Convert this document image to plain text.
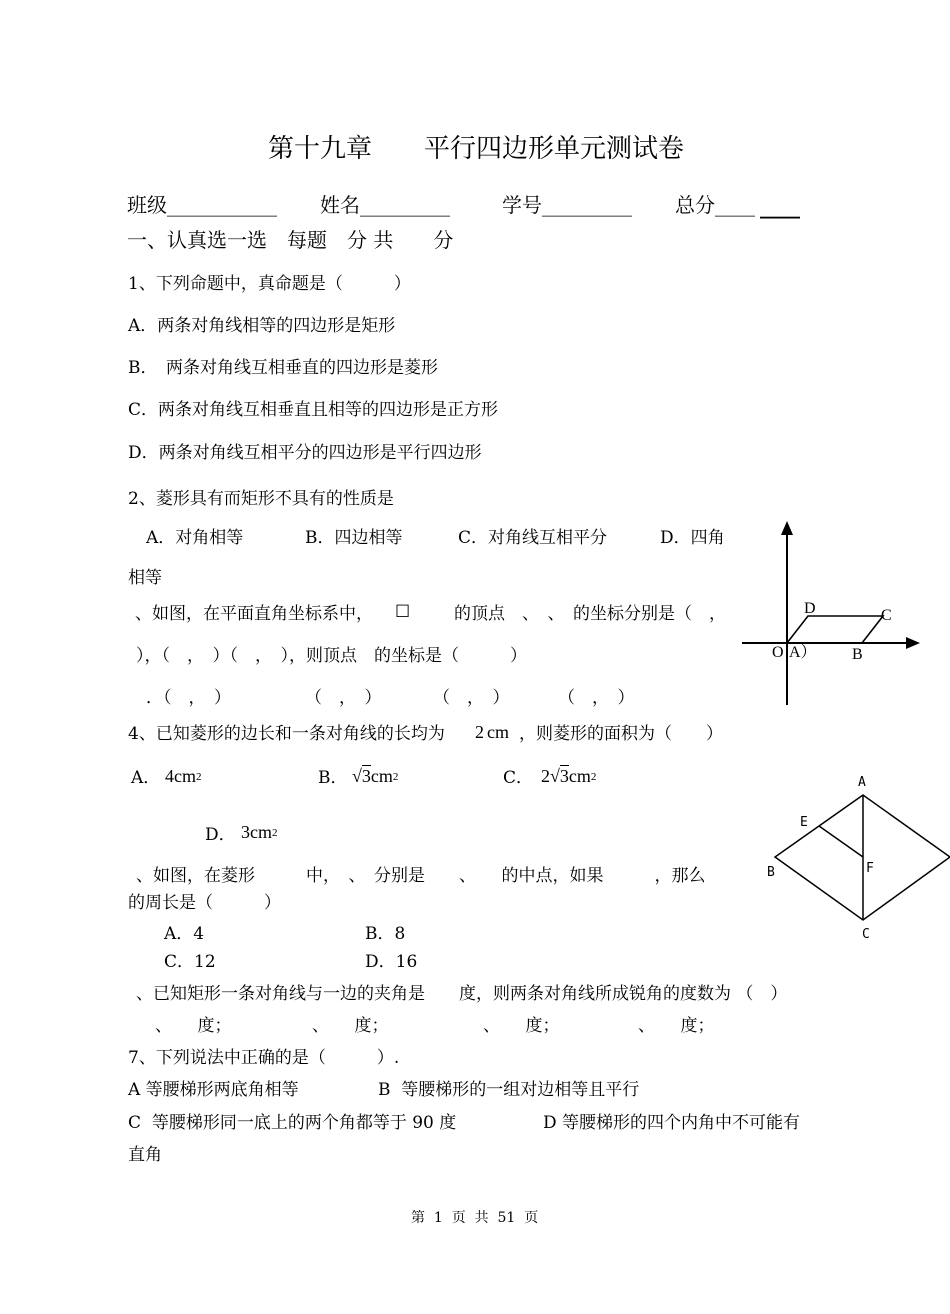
第十九章　　平行四边形单元测试卷
班级___________ 姓名_________	学号_________ 总分____ ____
一、认真选一选　每题　分 共　　分
1、下列命题中，真命题是（　　　）
A．两条对角线相等的四边形是矩形
B．　两条对角线互相垂直的四边形是菱形
C．两条对角线互相垂直且相等的四边形是正方形
D．两条对角线互相平分的四边形是平行四边形
2、菱形具有而矩形不具有的性质是
A．对角相等	B．四边相等	C．对角线互相平分	D．四角
相等
、如图，在平面直角坐标系中， ☐	的顶点　、　、　的坐标分别是（　，
），（　，　）（　，　），则顶点　的坐标是（　　　）
．（　，　）	（　，　）	（　，　）	（　，　）
D	C
O A） B
4、已知菱形的边长和一条对角线的长均为 2 cm ，则菱形的面积为（　　）
A． 4cm2	B． √3cm2	C． 2√3cm2
D． 3cm2
A
E
B	F
C
、如图，在菱形　　　中，　、　分别是　　、　　的中点，如果　　　，那么
的周长是（　　　）
A．4	B．8
C．12	D．16
、已知矩形一条对角线与一边的夹角是　　度，则两条对角线所成锐角的度数为 （　）
、　　度；	、　　度；	、　　度；	、　　度；
7、下列说法中正确的是（　　　）.
A 等腰梯形两底角相等	B  等腰梯形的一组对边相等且平行
C  等腰梯形同一底上的两个角都等于 90 度	D 等腰梯形的四个内角中不可能有
直角
第  1  页  共  51  页
